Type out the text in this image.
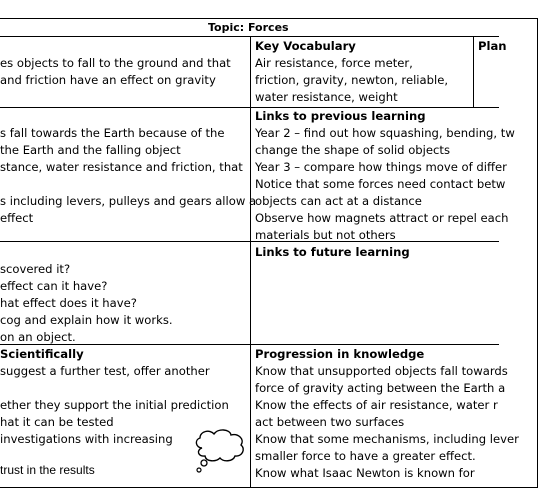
Topic: Forces
es objects to fall to the ground and that
and friction have an effect on gravity
s fall towards the Earth because of the
the Earth and the falling object
stance, water resistance and friction, that
s including levers, pulleys and gears allow a
effect
scovered it?
effect can it have?
hat effect does it have?
cog and explain how it works.
on an object.
Scientifically
suggest a further test, offer another
ether they support the initial prediction
hat it can be tested
investigations with increasing
trust in the results
Key Vocabulary
Air resistance, force meter,
friction, gravity, newton, reliable,
water resistance, weight
Plan
Links to previous learning
Year 2 – find out how squashing, bending, tw
change the shape of solid objects
Year 3 – compare how things move of differ
Notice that some forces need contact betw
objects can act at a distance
Observe how magnets attract or repel each
materials but not others
Links to future learning
Progression in knowledge
Know that unsupported objects fall towards
force of gravity acting between the Earth a
Know the effects of air resistance, water r
act between two surfaces
Know that some mechanisms, including lever
smaller force to have a greater effect.
Know what Isaac Newton is known for
